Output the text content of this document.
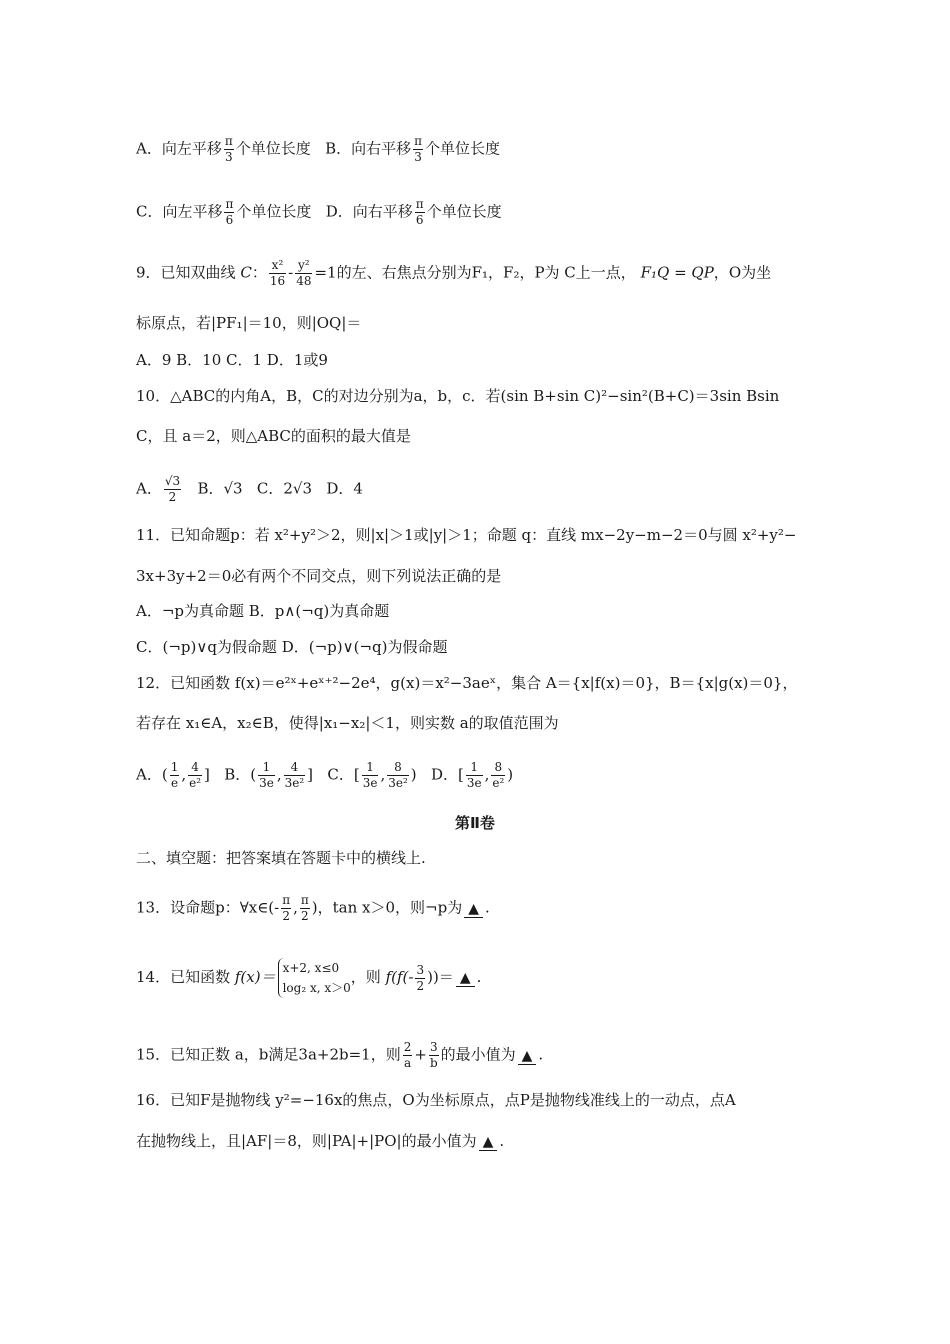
A．向左平移 $\frac{\pi}{3}$ 个单位长度 B．向右平移 $\frac{\pi}{3}$ 个单位长度
C．向左平移 $\frac{\pi}{6}$ 个单位长度 D．向右平移 $\frac{\pi}{6}$ 个单位长度
9．已知双曲线 C： $\frac{\text{x²}}{16} - \frac{\text{y²}}{48} =1$的左、右焦点分别为F₁，F₂，P为 C上一点， F₁Q = QP，O为坐
标原点，若|PF₁|＝10，则|OQ|＝
A．9 B．10 C．1 D．1或9
10．△ABC的内角A，B，C的对边分别为a，b，c．若(sin B+sin C)²−sin²(B+C)＝3sin Bsin
C，且 a＝2，则△ABC的面积的最大值是
A． $\frac{√3}{2}$ B．√3 C．2√3 D．4
11．已知命题p：若 x²+y²＞2，则|x|＞1或|y|＞1；命题 q：直线 mx−2y−m−2＝0与圆 x²+y²−
3x+3y+2＝0必有两个不同交点，则下列说法正确的是
A．¬p为真命题 B．p∧(¬q)为真命题
C．(¬p)∨q为假命题 D．(¬p)∨(¬q)为假命题
12．已知函数 f(x)＝e²ˣ+eˣ⁺²−2e⁴，g(x)＝x²−3aeˣ，集合 A＝{x|f(x)＝0}，B＝{x|g(x)＝0}，
若存在 x₁∈A，x₂∈B，使得|x₁−x₂|＜1，则实数 a的取值范围为
A．( $\frac{1}{e}$ , $\frac{4}{\text{e²}}$ ] B．( $\frac{1}{3e}$ , $\frac{4}{\text{3e²}}$ ] C．[ $\frac{1}{3e}$ , $\frac{8}{\text{3e²}}$ ) D．[ $\frac{1}{3e}$ , $\frac{8}{\text{e²}}$ )
第Ⅱ卷
二、填空题：把答案填在答题卡中的横线上.
13．设命题p：∀x∈(- $\frac{\pi}{2}$ , $\frac{\pi}{2}$ )，tan x＞0，则¬p为 ▲ .
14．已知函数 f(x)＝ x+2, x≤0
log₂ x, x＞0
，则 $f(f(- \frac{3}{2}$ ))＝ ▲ .
15．已知正数 a，b满足3a+2b=1，则 $\frac{2}{a} + \frac{3}{b}$ 的最小值为 ▲ .
16．已知F是抛物线 y²=−16x的焦点，O为坐标原点，点P是抛物线准线上的一动点，点A
在抛物线上，且|AF|＝8，则|PA|+|PO|的最小值为 ▲ .
